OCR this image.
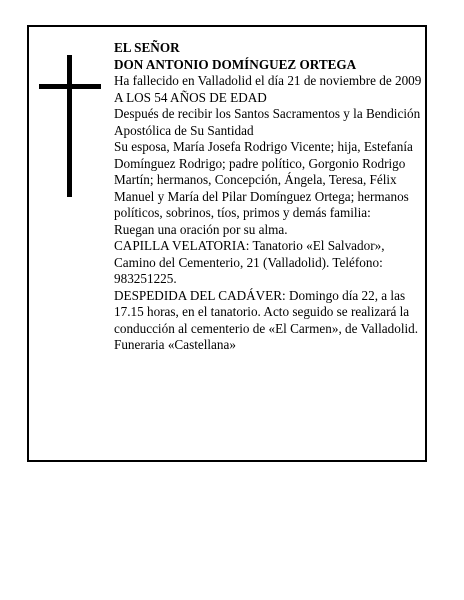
EL SEÑOR

DON ANTONIO DOMÍNGUEZ ORTEGA

Ha fallecido en Valladolid el día 21 de noviembre de 2009

A LOS 54 AÑOS DE EDAD

Después de recibir los Santos Sacramentos y la Bendición Apostólica de Su Santidad

Su esposa, María Josefa Rodrigo Vicente; hija, Estefanía Domínguez Rodrigo; padre político, Gorgonio Rodrigo Martín; hermanos, Concepción, Ángela, Teresa, Félix Manuel y María del Pilar Domínguez Ortega; hermanos políticos, sobrinos, tíos, primos y demás familia:

Ruegan una oración por su alma.

CAPILLA VELATORIA: Tanatorio «El Salvador», Camino del Cementerio, 21 (Valladolid). Teléfono: 983251225.

DESPEDIDA DEL CADÁVER: Domingo día 22, a las 17.15 horas, en el tanatorio. Acto seguido se realizará la conducción al cementerio de «El Carmen», de Valladolid.

Funeraria «Castellana»
